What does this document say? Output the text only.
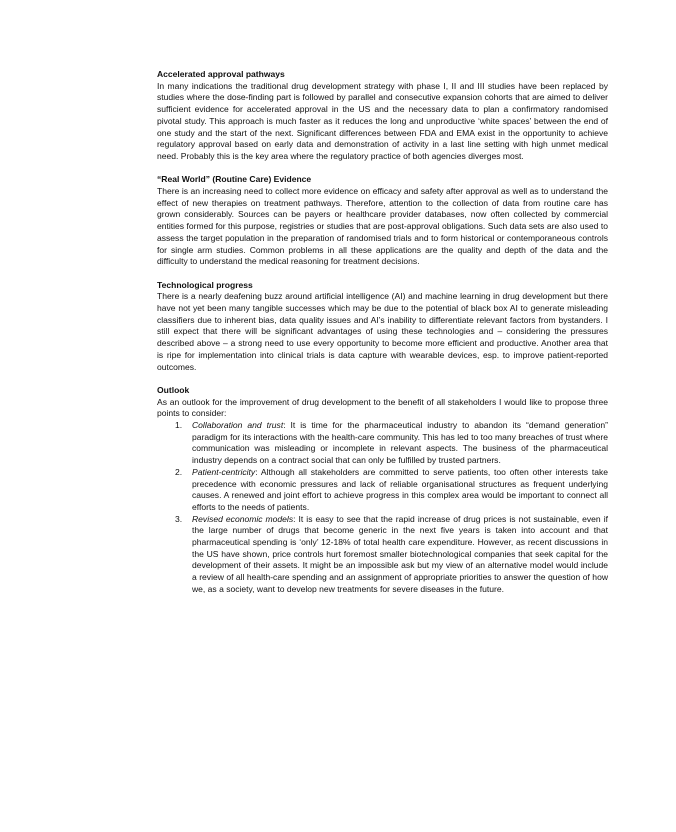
Accelerated approval pathways

In many indications the traditional drug development strategy with phase I, II and III studies have been replaced by studies where the dose-finding part is followed by parallel and consecutive expansion cohorts that are aimed to deliver sufficient evidence for accelerated approval in the US and the necessary data to plan a confirmatory randomised pivotal study. This approach is much faster as it reduces the long and unproductive ‘white spaces’ between the end of one study and the start of the next. Significant differences between FDA and EMA exist in the opportunity to achieve regulatory approval based on early data and demonstration of activity in a last line setting with high unmet medical need. Probably this is the key area where the regulatory practice of both agencies diverges most.

“Real World” (Routine Care) Evidence

There is an increasing need to collect more evidence on efficacy and safety after approval as well as to understand the effect of new therapies on treatment pathways. Therefore, attention to the collection of data from routine care has grown considerably. Sources can be payers or healthcare provider databases, now often collected by commercial entities formed for this purpose, registries or studies that are post-approval obligations. Such data sets are also used to assess the target population in the preparation of randomised trials and to form historical or contemporaneous controls for single arm studies. Common problems in all these applications are the quality and depth of the data and the difficulty to understand the medical reasoning for treatment decisions.

Technological progress

There is a nearly deafening buzz around artificial intelligence (AI) and machine learning in drug development but there have not yet been many tangible successes which may be due to the potential of black box AI to generate misleading classifiers due to inherent bias, data quality issues and AI’s inability to differentiate relevant factors from bystanders. I still expect that there will be significant advantages of using these technologies and – considering the pressures described above – a strong need to use every opportunity to become more efficient and productive. Another area that is ripe for implementation into clinical trials is data capture with wearable devices, esp. to improve patient-reported outcomes.

Outlook

As an outlook for the improvement of drug development to the benefit of all stakeholders I would like to propose three points to consider:

1. Collaboration and trust: It is time for the pharmaceutical industry to abandon its “demand generation” paradigm for its interactions with the health-care community. This has led to too many breaches of trust where communication was misleading or incomplete in relevant aspects. The business of the pharmaceutical industry depends on a contract social that can only be fulfilled by trusted partners.
2. Patient-centricity: Although all stakeholders are committed to serve patients, too often other interests take precedence with economic pressures and lack of reliable organisational structures as frequent underlying causes. A renewed and joint effort to achieve progress in this complex area would be important to connect all efforts to the needs of patients.
3. Revised economic models: It is easy to see that the rapid increase of drug prices is not sustainable, even if the large number of drugs that become generic in the next five years is taken into account and that pharmaceutical spending is ‘only’ 12-18% of total health care expenditure. However, as recent discussions in the US have shown, price controls hurt foremost smaller biotechnological companies that seek capital for the development of their assets. It might be an impossible ask but my view of an alternative model would include a review of all health-care spending and an assignment of appropriate priorities to answer the question of how we, as a society, want to develop new treatments for severe diseases in the future.
